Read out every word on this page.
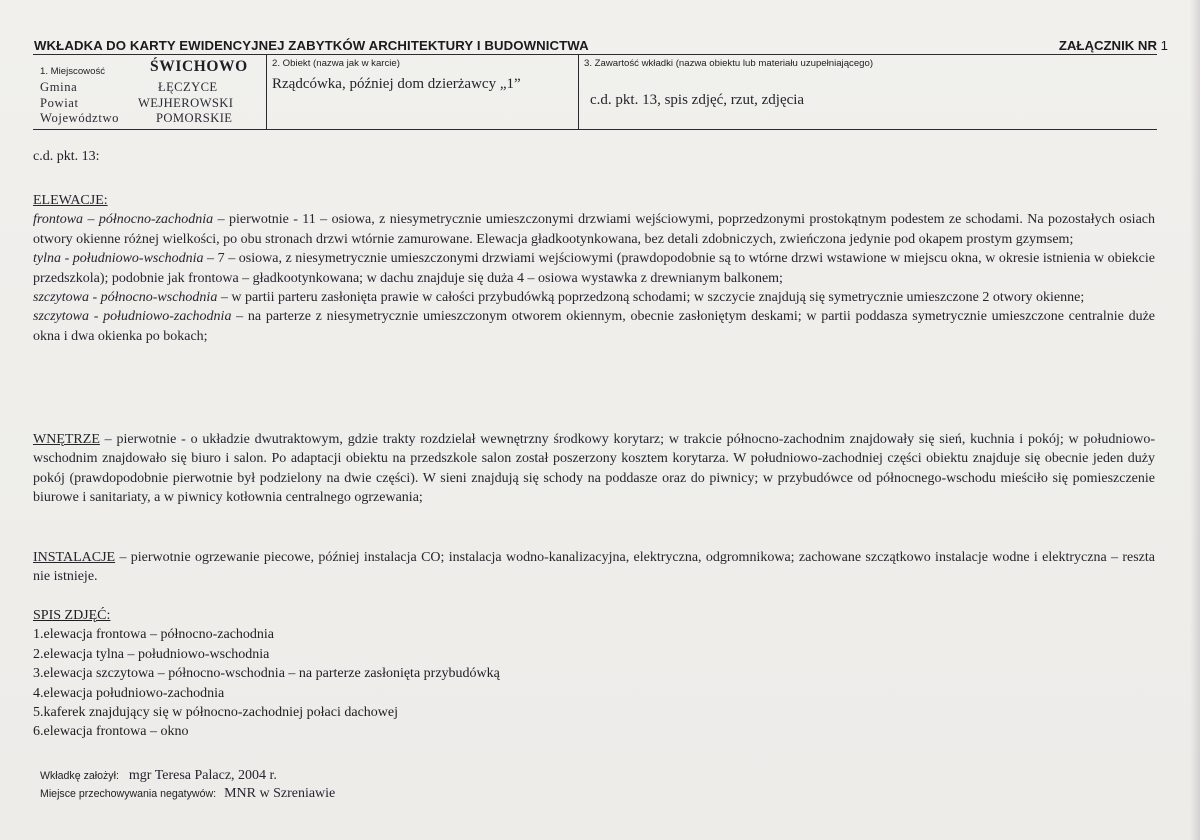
WKŁADKA DO KARTY EWIDENCYJNEJ ZABYTKÓW ARCHITEKTURY I BUDOWNICTWA	ZAŁĄCZNIK NR 1
1. Miejscowość	ŚWICHOWO
Gmina	ŁĘCZYCE
Powiat	WEJHEROWSKI
Województwo	POMORSKIE
2. Obiekt (nazwa jak w karcie)
Rządcówka, później dom dzierżawcy „1”
3. Zawartość wkładki (nazwa obiektu lub materiału uzupełniającego)
c.d. pkt. 13, spis zdjęć, rzut, zdjęcia
c.d. pkt. 13:

ELEWACJE:

frontowa – północno-zachodnia – pierwotnie - 11 – osiowa, z niesymetrycznie umieszczonymi drzwiami wejściowymi, poprzedzonymi prostokątnym podestem ze schodami. Na pozostałych osiach otwory okienne różnej wielkości, po obu stronach drzwi wtórnie zamurowane. Elewacja gładkootynkowana, bez detali zdobniczych, zwieńczona jedynie pod okapem prostym gzymsem;

tylna - południowo-wschodnia – 7 – osiowa, z niesymetrycznie umieszczonymi drzwiami wejściowymi (prawdopodobnie są to wtórne drzwi wstawione w miejscu okna, w okresie istnienia w obiekcie przedszkola); podobnie jak frontowa – gładkootynkowana; w dachu znajduje się duża 4 – osiowa wystawka z drewnianym balkonem;

szczytowa - północno-wschodnia – w partii parteru zasłonięta prawie w całości przybudówką poprzedzoną schodami; w szczycie znajdują się symetrycznie umieszczone 2 otwory okienne;

szczytowa - południowo-zachodnia – na parterze z niesymetrycznie umieszczonym otworem okiennym, obecnie zasłoniętym deskami; w partii poddasza symetrycznie umieszczone centralnie duże okna i dwa okienka po bokach;

WNĘTRZE – pierwotnie - o układzie dwutraktowym, gdzie trakty rozdzielał wewnętrzny środkowy korytarz; w trakcie północno-zachodnim znajdowały się sień, kuchnia i pokój; w południowo-wschodnim znajdowało się biuro i salon. Po adaptacji obiektu na przedszkole salon został poszerzony kosztem korytarza. W południowo-zachodniej części obiektu znajduje się obecnie jeden duży pokój (prawdopodobnie pierwotnie był podzielony na dwie części). W sieni znajdują się schody na poddasze oraz do piwnicy; w przybudówce od północnego-wschodu mieściło się pomieszczenie biurowe i sanitariaty, a w piwnicy kotłownia centralnego ogrzewania;
INSTALACJE – pierwotnie ogrzewanie piecowe, później instalacja CO; instalacja wodno-kanalizacyjna, elektryczna, odgromnikowa; zachowane szczątkowo instalacje wodne i elektryczna – reszta nie istnieje.
SPIS ZDJĘĆ:
1.elewacja frontowa – północno-zachodnia
2.elewacja tylna – południowo-wschodnia
3.elewacja szczytowa – północno-wschodnia – na parterze zasłonięta przybudówką
4.elewacja południowo-zachodnia
5.kaferek znajdujący się w północno-zachodniej połaci dachowej
6.elewacja frontowa – okno
Wkładkę założył: mgr Teresa Palacz, 2004 r.
Miejsce przechowywania negatywów: MNR w Szreniawie
